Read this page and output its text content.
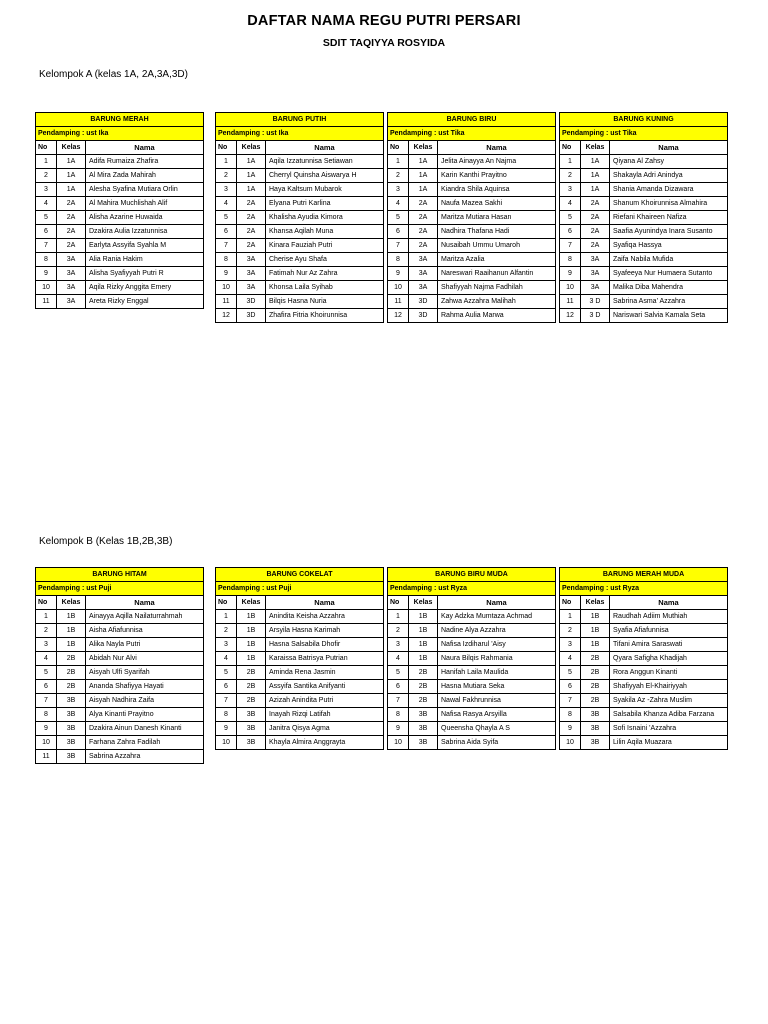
DAFTAR NAMA REGU PUTRI PERSARI
SDIT TAQIYYA ROSYIDA
Kelompok A (kelas 1A, 2A,3A,3D)
Kelompok B (Kelas 1B,2B,3B)
BARUNG MERAH		
Pendamping : ust Ika		
No	Kelas	Nama
1	1A	Adifa Rumaiza Zhafira
2	1A	Al Mira Zada Mahirah
3	1A	Alesha Syafina Mutiara Orlin
4	2A	Al Mahira Muchlishah Alif
5	2A	Alisha Azarine Huwaida
6	2A	Dzakira Aulia Izzatunnisa
7	2A	Earlyta Assyifa Syahla M
8	3A	Alia Rania Hakim
9	3A	Alisha Syafiyyah Putri R
10	3A	Aqila Rizky Anggita Emery
11	3A	Areta Rizky Enggal
BARUNG PUTIH		
Pendamping : ust Ika		
No	Kelas	Nama
1	1A	Aqila Izzatunnisa Setiawan
2	1A	Cherryl Quinsha Aiswarya H
3	1A	Haya Kaltsum Mubarok
4	2A	Elyana Putri Karlina
5	2A	Khalisha Ayudia Kimora
6	2A	Khansa Aqilah Muna
7	2A	Kinara Fauziah Putri
8	3A	Cherise Ayu Shafa
9	3A	Fatimah Nur Az Zahra
10	3A	Khonsa Laila Syihab
11	3D	Bilqis Hasna Nuria
12	3D	Zhafira Fitria Khoirunnisa
BARUNG BIRU		
Pendamping : ust Tika		
No	Kelas	Nama
1	1A	Jelita Ainayya An Najma
2	1A	Karin Kanthi Prayitno
3	1A	Kiandra Shila Aquinsa
4	2A	Naufa Mazea Sakhi
5	2A	Maritza Mutiara Hasan
6	2A	Nadhira Thafana Hadi
7	2A	Nusaibah Ummu Umaroh
8	3A	Maritza Azalia
9	3A	Nareswari Raaihanun Alfantin
10	3A	Shafiyyah Najma Fadhilah
11	3D	Zahwa Azzahra Malihah
12	3D	Rahma Aulia Marwa
BARUNG KUNING		
Pendamping : ust Tika		
No	Kelas	Nama
1	1A	Qiyana Al Zahsy
2	1A	Shakayla Adri Anindya
3	1A	Shania Amanda Dizawara
4	2A	Shanum Khoirunnisa Almahira
5	2A	Riefani Khaireen Nafiza
6	2A	Saafia Ayunindya Inara Susanto
7	2A	Syafiqa Hassya
8	3A	Zaifa Nabila Mufida
9	3A	Syafeeya Nur Humaera Sutanto
10	3A	Malika Diba Mahendra
11	3 D	Sabrina Asma' Azzahra
12	3 D	Nariswari Salvia Kamala Seta
BARUNG HITAM		
Pendamping : ust Puji		
No	Kelas	Nama
1	1B	Ainayya Aqilla Nailaturrahmah
2	1B	Aisha Afiafunnisa
3	1B	Alika Nayla Putri
4	2B	Abidah Nur Alvi
5	2B	Aisyah Ulfi Syarifah
6	2B	Ananda Shafiyya Hayati
7	3B	Aisyah Nadhira Zaifa
8	3B	Alya Kinanti Prayitno
9	3B	Dzakira Ainun Danesh Kinanti
10	3B	Farhana Zahra Fadilah
11	3B	Sabrina Azzahra
BARUNG COKELAT		
Pendamping : ust Puji		
No	Kelas	Nama
1	1B	Anindita Keisha Azzahra
2	1B	Arsyila Hasna Karimah
3	1B	Hasna Salsabila Dhofir
4	1B	Karaissa Batrisya Putrian
5	2B	Aminda Rena Jasmin
6	2B	Assyifa Santika Anifyanti
7	2B	Azizah Anindita Putri
8	3B	Inayah Rizqi Latifah
9	3B	Janitra Qisya Agma
10	3B	Khayla Almira Anggrayta
BARUNG BIRU MUDA		
Pendamping : ust Ryza		
No	Kelas	Nama
1	1B	Kay Adzka Mumtaza Achmad
2	1B	Nadine Alya Azzahra
3	1B	Nafisa Izdiharul 'Aisy
4	1B	Naura Bilqis Rahmania
5	2B	Hanifah Laila Maulida
6	2B	Hasna Mutiara Seka
7	2B	Nawal Fakhrunnisa
8	3B	Nafisa Rasya Arsyilla
9	3B	Queensha Qhayla A S
10	3B	Sabrina Aida Syifa
BARUNG MERAH MUDA		
Pendamping : ust Ryza		
No	Kelas	Nama
1	1B	Raudhah Adiim Muthiah
2	1B	Syafia Afiafunnisa
3	1B	Tifani Amira Saraswati
4	2B	Qyara Safigha Khadijah
5	2B	Rora Anggun Kinanti
6	2B	Shafiyyah El-Khairiyyah
7	2B	Syakila Az -Zahra Muslim
8	3B	Salsabila Khanza Adiba Farzana
9	3B	Sofi Isnaini 'Azzahra
10	3B	Lilin Aqila Muazara
